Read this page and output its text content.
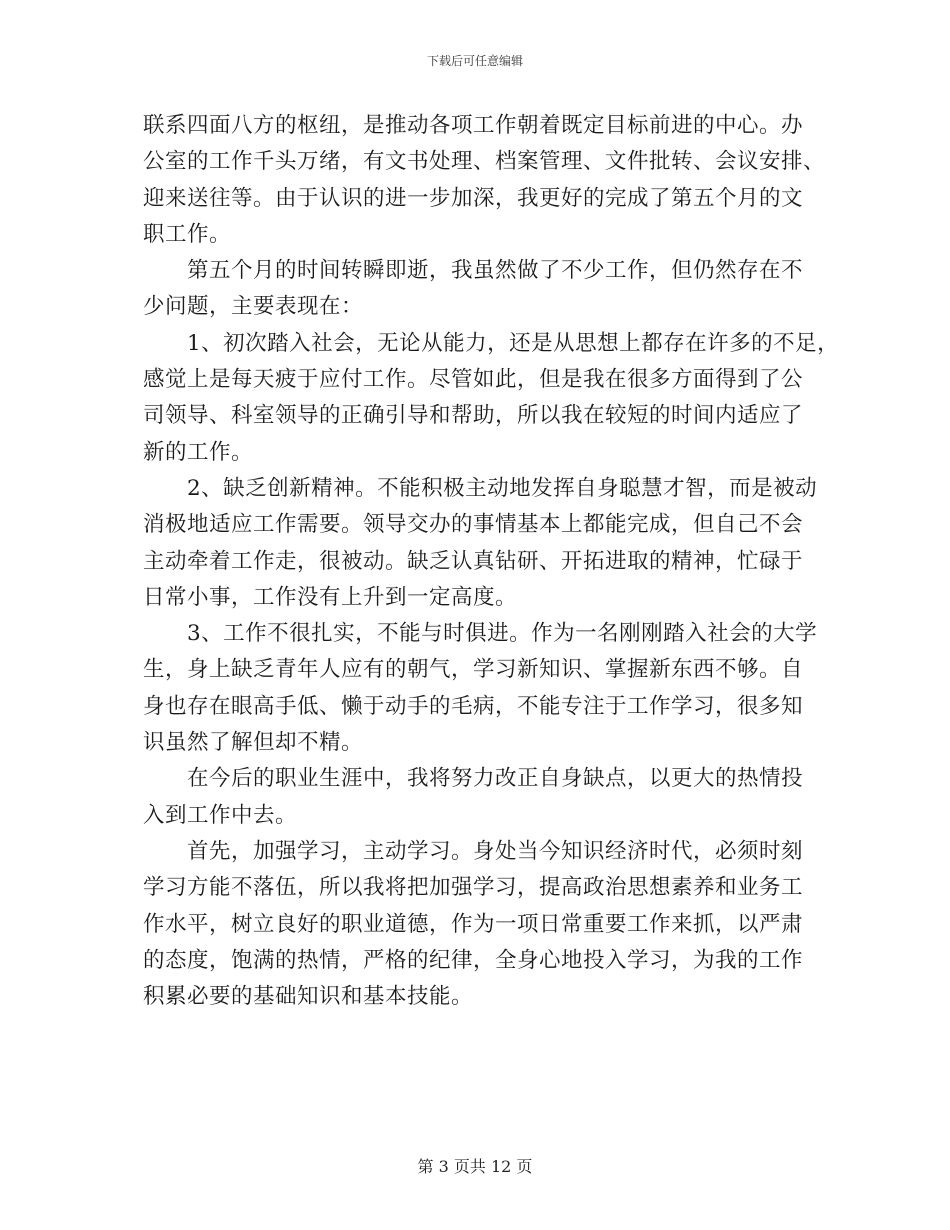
下载后可任意编辑
联系四面八方的枢纽，是推动各项工作朝着既定目标前进的中心。办
公室的工作千头万绪，有文书处理、档案管理、文件批转、会议安排、
迎来送往等。由于认识的进一步加深，我更好的完成了第五个月的文
职工作。
第五个月的时间转瞬即逝，我虽然做了不少工作，但仍然存在不
少问题，主要表现在：
1、初次踏入社会，无论从能力，还是从思想上都存在许多的不足，
感觉上是每天疲于应付工作。尽管如此，但是我在很多方面得到了公
司领导、科室领导的正确引导和帮助，所以我在较短的时间内适应了
新的工作。
2、缺乏创新精神。不能积极主动地发挥自身聪慧才智，而是被动
消极地适应工作需要。领导交办的事情基本上都能完成，但自己不会
主动牵着工作走，很被动。缺乏认真钻研、开拓进取的精神，忙碌于
日常小事，工作没有上升到一定高度。
3、工作不很扎实，不能与时俱进。作为一名刚刚踏入社会的大学
生，身上缺乏青年人应有的朝气，学习新知识、掌握新东西不够。自
身也存在眼高手低、懒于动手的毛病，不能专注于工作学习，很多知
识虽然了解但却不精。
在今后的职业生涯中，我将努力改正自身缺点，以更大的热情投
入到工作中去。
首先，加强学习，主动学习。身处当今知识经济时代，必须时刻
学习方能不落伍，所以我将把加强学习，提高政治思想素养和业务工
作水平，树立良好的职业道德，作为一项日常重要工作来抓，以严肃
的态度，饱满的热情，严格的纪律，全身心地投入学习，为我的工作
积累必要的基础知识和基本技能。
第 3 页共 12 页
